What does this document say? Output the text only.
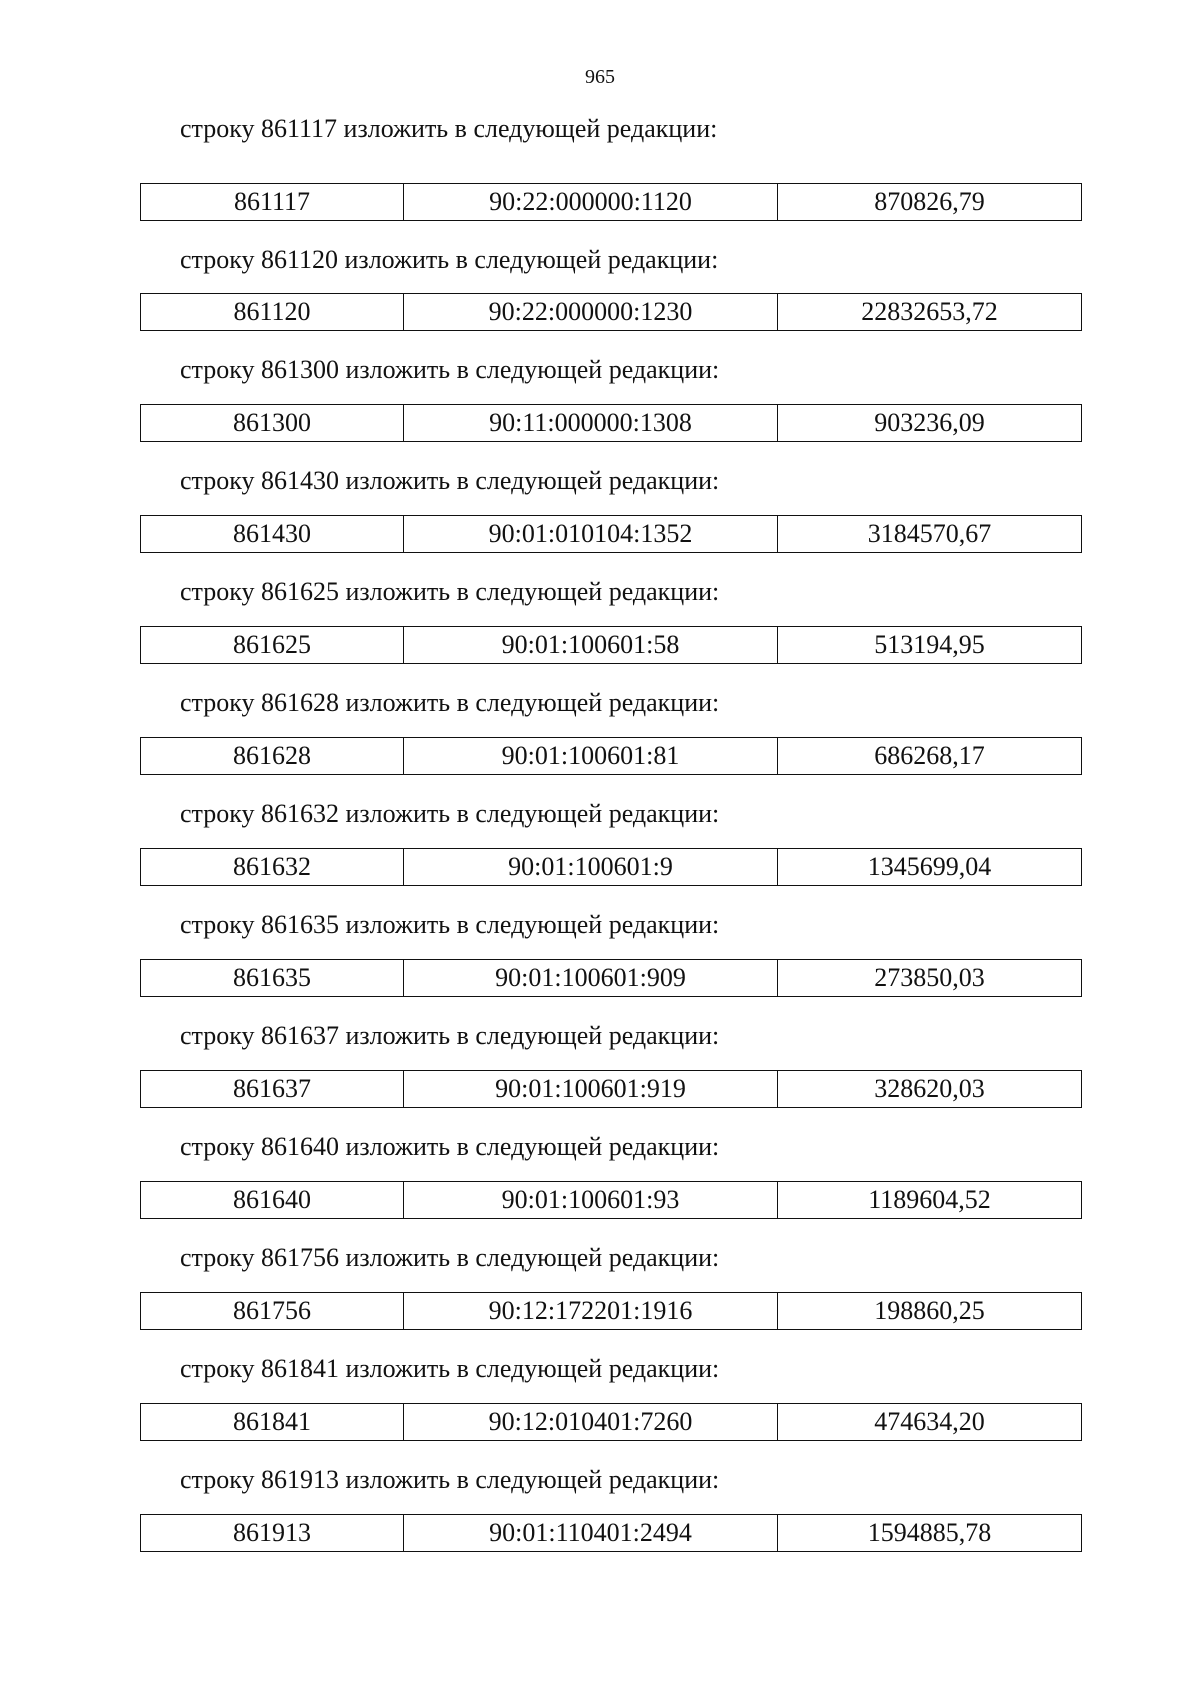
965
строку 861117 изложить в следующей редакции:
861117	90:22:000000:1120	870826,79
строку 861120 изложить в следующей редакции:
861120	90:22:000000:1230	22832653,72
строку 861300 изложить в следующей редакции:
861300	90:11:000000:1308	903236,09
строку 861430 изложить в следующей редакции:
861430	90:01:010104:1352	3184570,67
строку 861625 изложить в следующей редакции:
861625	90:01:100601:58	513194,95
строку 861628 изложить в следующей редакции:
861628	90:01:100601:81	686268,17
строку 861632 изложить в следующей редакции:
861632	90:01:100601:9	1345699,04
строку 861635 изложить в следующей редакции:
861635	90:01:100601:909	273850,03
строку 861637 изложить в следующей редакции:
861637	90:01:100601:919	328620,03
строку 861640 изложить в следующей редакции:
861640	90:01:100601:93	1189604,52
строку 861756 изложить в следующей редакции:
861756	90:12:172201:1916	198860,25
строку 861841 изложить в следующей редакции:
861841	90:12:010401:7260	474634,20
строку 861913 изложить в следующей редакции:
861913	90:01:110401:2494	1594885,78
